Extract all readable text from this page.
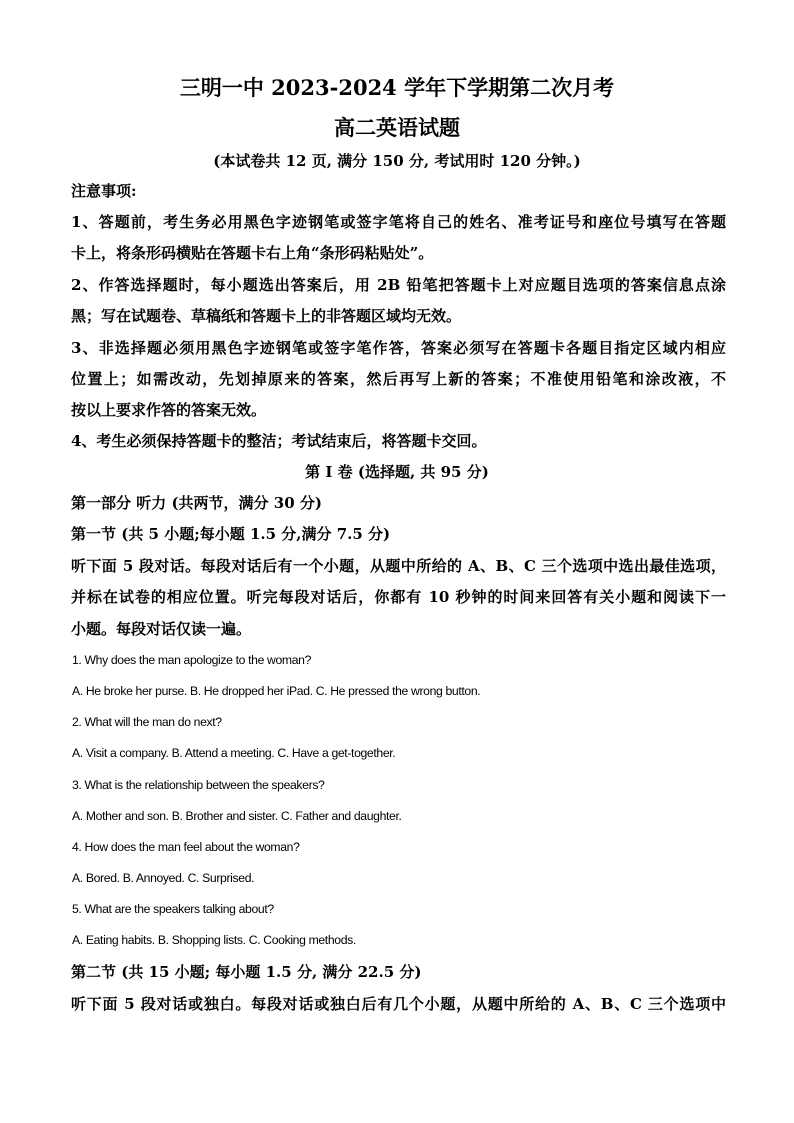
三明一中 2023-2024 学年下学期第二次月考
高二英语试题
(本试卷共 12 页, 满分 150 分, 考试用时 120 分钟。)
注意事项:
1、答题前，考生务必用黑色字迹钢笔或签字笔将自己的姓名、准考证号和座位号填写在答题
卡上，将条形码横贴在答题卡右上角“条形码粘贴处”。
2、作答选择题时，每小题选出答案后，用 2B 铅笔把答题卡上对应题目选项的答案信息点涂
黑；写在试题卷、草稿纸和答题卡上的非答题区域均无效。
3、非选择题必须用黑色字迹钢笔或签字笔作答，答案必须写在答题卡各题目指定区域内相应
位置上；如需改动，先划掉原来的答案，然后再写上新的答案；不准使用铅笔和涂改液，不
按以上要求作答的答案无效。
4、考生必须保持答题卡的整洁；考试结束后，将答题卡交回。
第 I 卷 (选择题, 共 95 分)
第一部分 听力 (共两节，满分 30 分)
第一节 (共 5 小题;每小题 1.5 分,满分 7.5 分)
听下面 5 段对话。每段对话后有一个小题，从题中所给的 A、B、C 三个选项中选出最佳选项，
并标在试卷的相应位置。听完每段对话后，你都有 10 秒钟的时间来回答有关小题和阅读下一
小题。每段对话仅读一遍。
1. Why does the man apologize to the woman?
A. He broke her purse. B. He dropped her iPad. C. He pressed the wrong button.
2. What will the man do next?
A. Visit a company. B. Attend a meeting. C. Have a get-together.
3. What is the relationship between the speakers?
A. Mother and son. B. Brother and sister. C. Father and daughter.
4. How does the man feel about the woman?
A. Bored. B. Annoyed. C. Surprised.
5. What are the speakers talking about?
A. Eating habits. B. Shopping lists. C. Cooking methods.
第二节 (共 15 小题; 每小题 1.5 分, 满分 22.5 分)
听下面 5 段对话或独白。每段对话或独白后有几个小题，从题中所给的 A、B、C 三个选项中
